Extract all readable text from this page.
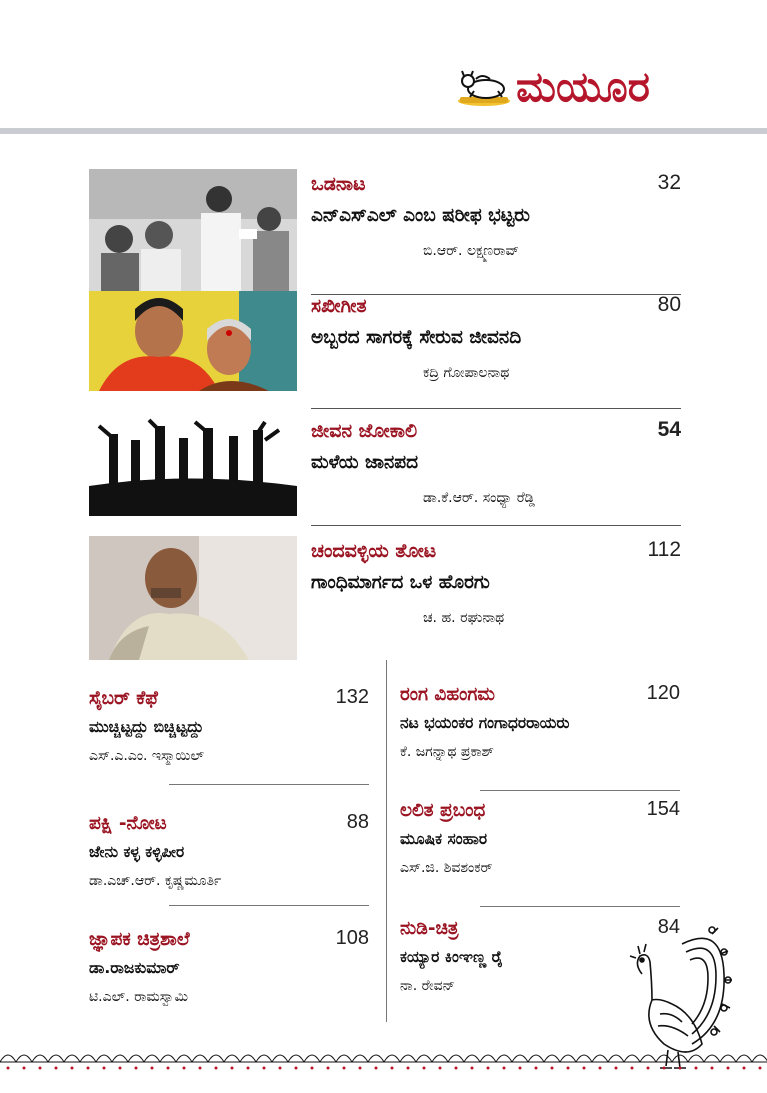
ಮಯೂರ
ಒಡನಾಟ	32
ಎನ್‌ಎಸ್‌ಎಲ್ ಎಂಬ ಷರೀಫ ಭಟ್ಟರು
ಬಿ.ಆರ್. ಲಕ್ಷ್ಮಣರಾವ್
ಸಖೀಗೀತ	80
ಅಬ್ಬರದ ಸಾಗರಕ್ಕೆ ಸೇರುವ ಜೀವನದಿ
ಕದ್ರಿ ಗೋಪಾಲನಾಥ
ಜೀವನ ಜೋಕಾಲಿ	54
ಮಳೆಯ ಜಾನಪದ
ಡಾ.ಕೆ.ಆರ್. ಸಂಧ್ಯಾ ರೆಡ್ಡಿ
ಚಂದವಳ್ಳಿಯ ತೋಟ	112
ಗಾಂಧಿಮಾರ್ಗದ ಒಳ ಹೊರಗು
ಚ. ಹ. ರಘುನಾಥ
ಸೈಬರ್ ಕೆಫೆ	132
ಮುಚ್ಚಿಟ್ಟದ್ದು ಬಿಚ್ಚಿಟ್ಟದ್ದು
ಎಸ್.ಎ.ಎಂ. ಇಸ್ಮಾಯಿಲ್
ಪಕ್ಷಿ -ನೋಟ	88
ಜೇನು ಕಳ್ಳ ಕಳ್ಳಿಪೀರ
ಡಾ.ಎಚ್.ಆರ್. ಕೃಷ್ಣಮೂರ್ತಿ
ಜ್ಞಾಪಕ ಚಿತ್ರಶಾಲೆ	108
ಡಾ.ರಾಜಕುಮಾರ್
ಟಿ.ಎಲ್. ರಾಮಸ್ವಾಮಿ
ರಂಗ ವಿಹಂಗಮ	120
ನಟ ಭಯಂಕರ ಗಂಗಾಧರರಾಯರು
ಕೆ. ಜಗನ್ನಾಥ ಪ್ರಕಾಶ್
ಲಲಿತ ಪ್ರಬಂಧ	154
ಮೂಷಿಕ ಸಂಹಾರ
ಎಸ್.ಜಿ. ಶಿವಶಂಕರ್
ನುಡಿ-ಚಿತ್ರ	84
ಕಯ್ಯಾರ ಕಿಂಞಣ್ಣ ರೈ
ನಾ. ರೇವನ್
